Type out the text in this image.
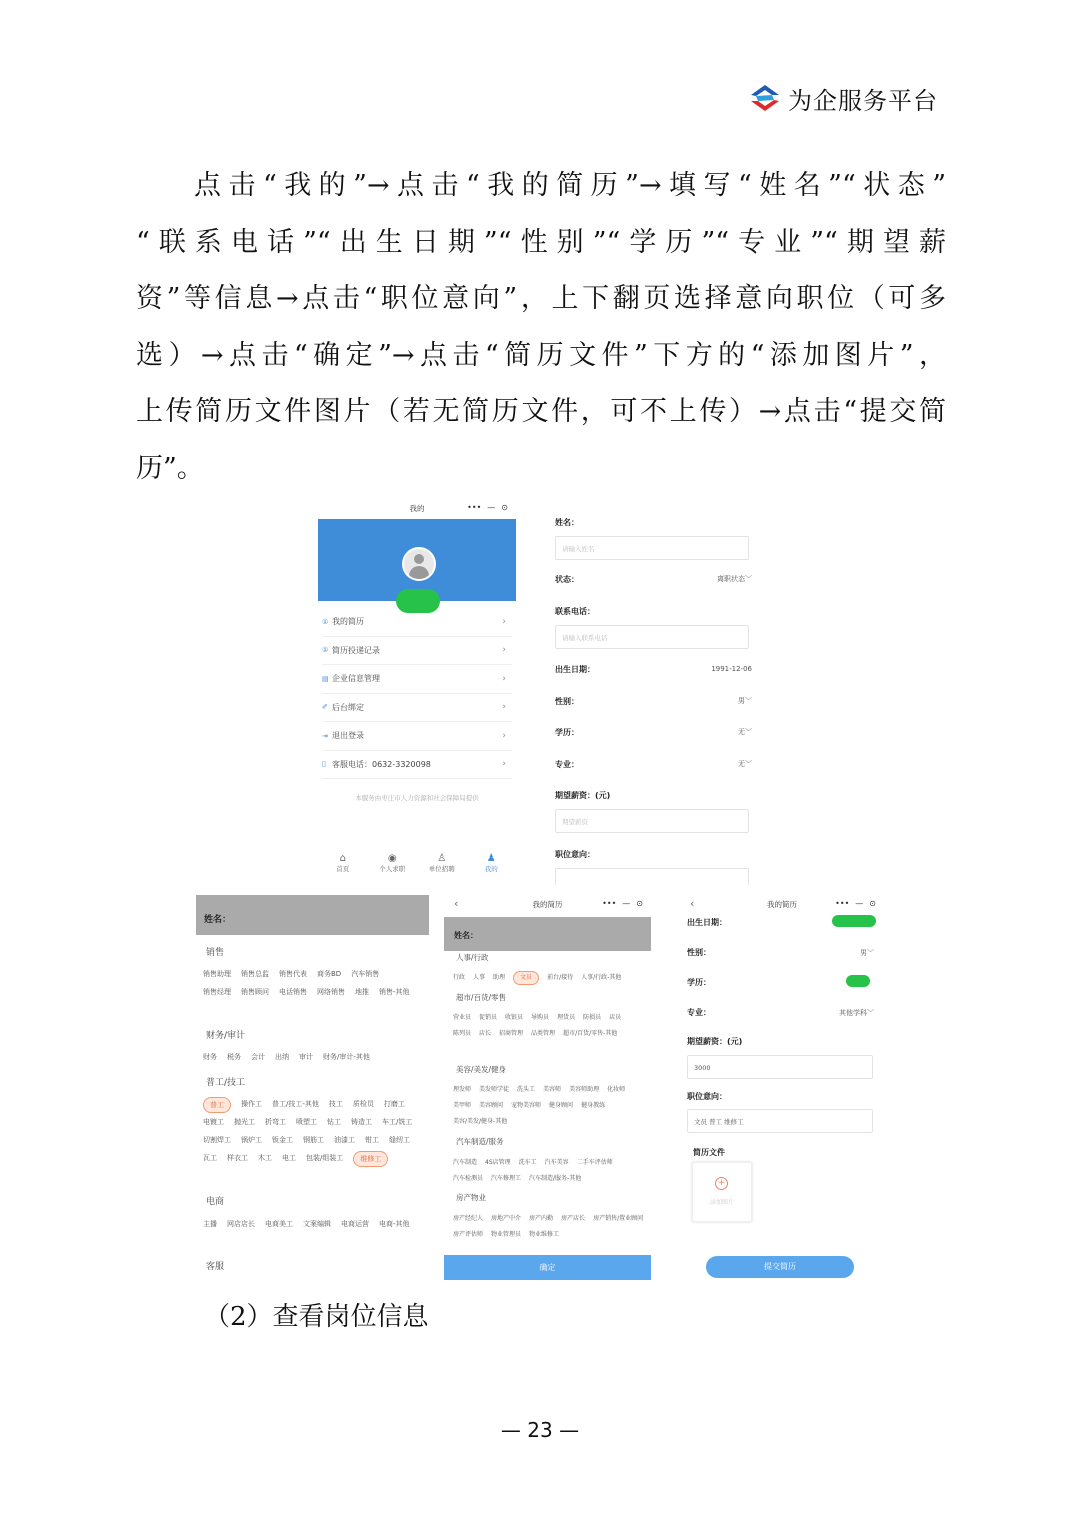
为企服务平台
点击“我的”→点击“我的简历”→填写“姓名”“状态”
“联系电话”“出生日期”“性别”“学历”“专业”“期望薪
资”等信息→点击“职位意向”，上下翻页选择意向职位（可多
选）→点击“确定”→点击“简历文件”下方的“添加图片”，
上传简历文件图片（若无简历文件，可不上传）→点击“提交简
历”。
我的	••• — ⊙
① 我的简历	›
① 简历投递记录	›
▤ 企业信息管理	›
✐ 后台绑定	›
⇥ 退出登录	›
▯ 客服电话：0632-3320098	›
本服务由枣庄市人力资源和社会保障局提供
⌂
首页
◉
个人求职
♙
单位招聘
♟
我的
姓名：
请输入姓名
状态：	离职状态﹀
联系电话：
请输入联系电话
出生日期：	1991-12-06
性别：	男﹀
学历：	无﹀
专业：	无﹀
期望薪资：(元)
期望薪资
职位意向：
姓名：
销售
销售助理 销售总监 销售代表 商务BD 汽车销售
销售经理 销售顾问 电话销售 网络销售 地推 销售-其他
财务/审计
财务 税务 会计 出纳 审计 财务/审计-其他
普工/技工
普工	操作工 普工/技工-其他 技工 质检员 打磨工
电镀工 抛光工 折弯工 喷塑工 钻工 铸造工 车工/铣工
切割焊工 锅炉工 钣金工 钢筋工 油漆工 钳工 缝纫工
瓦工 样衣工 木工 电工 包装/组装工	维修工
电商
主播 网店店长 电商美工 文案编辑 电商运营 电商-其他
客服
‹	我的简历	••• — ⊙
姓名：
人事/行政
行政 人事 助理	文员	前台/接待 人事/行政-其他
超市/百货/零售
营业员 促销员 收银员 导购员 理货员 防损员 店员
陈列员 店长 招商管理 品类管理 超市/百货/零售-其他
美容/美发/健身
理发师 美发师学徒 洗头工 美容师 美容师助理 化妆师
美甲师 美容顾问 宠物美容师 健身顾问 健身教练
美容/美发/健身-其他
汽车制造/服务
汽车制造 4S店管理 洗车工 汽车美容 二手车评估师
汽车检测员 汽车修理工 汽车制造/服务-其他
房产物业
房产经纪人 房地产中介 房产内勤 房产店长 房产销售/置业顾问
房产评估师 物业管理员 物业维修工
确定
‹	我的简历	••• — ⊙
出生日期：
性别：	男﹀
学历：
专业：	其他学科﹀
期望薪资：(元)
3000
职位意向：
文员 普工 维修工
简历文件
+
添加图片
提交简历
（2）查看岗位信息
— 23 —
